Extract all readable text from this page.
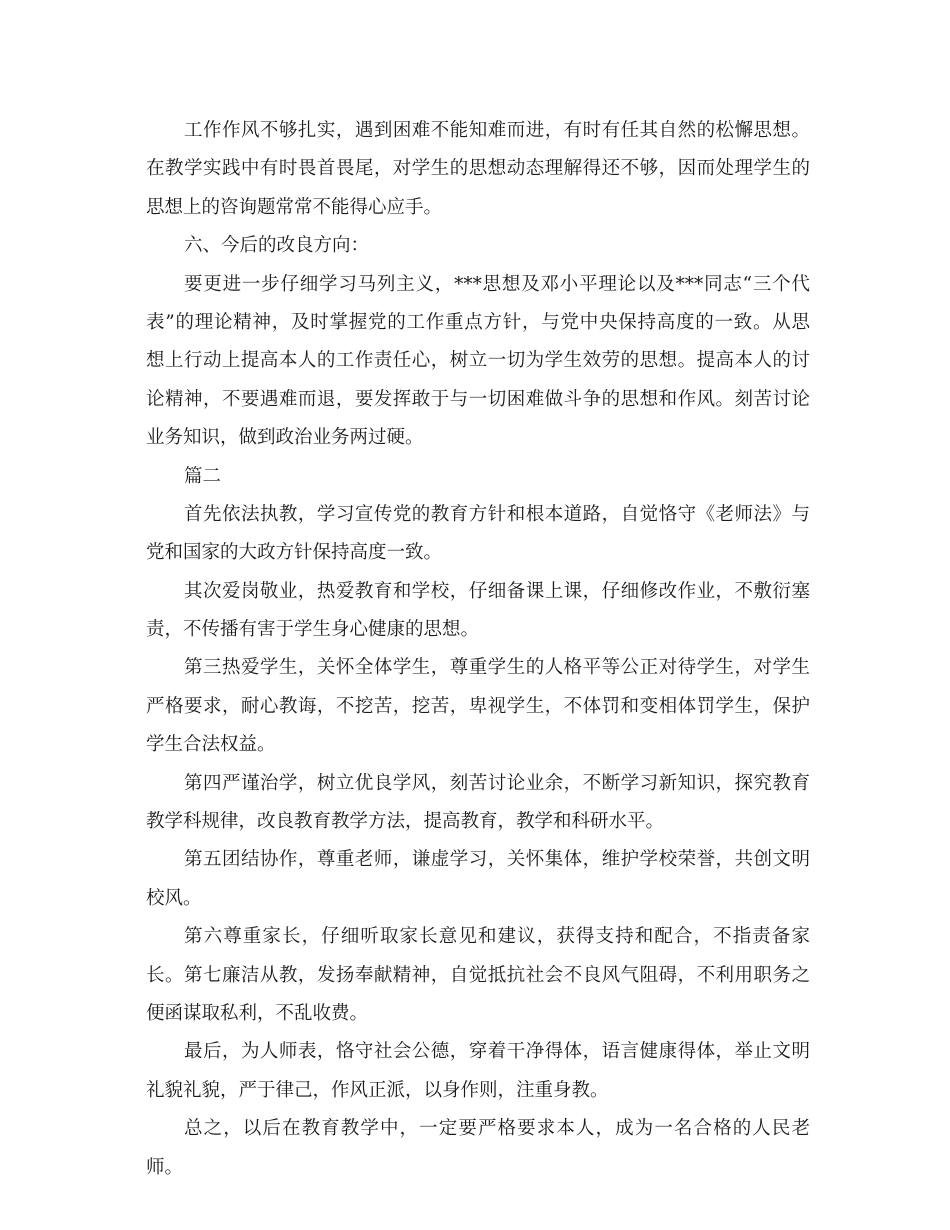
工作作风不够扎实，遇到困难不能知难而进，有时有任其自然的松懈思想。
在教学实践中有时畏首畏尾，对学生的思想动态理解得还不够，因而处理学生的
思想上的咨询题常常不能得心应手。
六、今后的改良方向：
要更进一步仔细学习马列主义，***思想及邓小平理论以及***同志“三个代
表”的理论精神，及时掌握党的工作重点方针，与党中央保持高度的一致。从思
想上行动上提高本人的工作责任心，树立一切为学生效劳的思想。提高本人的讨
论精神，不要遇难而退，要发挥敢于与一切困难做斗争的思想和作风。刻苦讨论
业务知识，做到政治业务两过硬。
篇二
首先依法执教，学习宣传党的教育方针和根本道路，自觉恪守《老师法》与
党和国家的大政方针保持高度一致。
其次爱岗敬业，热爱教育和学校，仔细备课上课，仔细修改作业，不敷衍塞
责，不传播有害于学生身心健康的思想。
第三热爱学生，关怀全体学生，尊重学生的人格平等公正对待学生，对学生
严格要求，耐心教诲，不挖苦，挖苦，卑视学生，不体罚和变相体罚学生，保护
学生合法权益。
第四严谨治学，树立优良学风，刻苦讨论业余，不断学习新知识，探究教育
教学科规律，改良教育教学方法，提高教育，教学和科研水平。
第五团结协作，尊重老师，谦虚学习，关怀集体，维护学校荣誉，共创文明
校风。
第六尊重家长，仔细听取家长意见和建议，获得支持和配合，不指责备家
长。第七廉洁从教，发扬奉献精神，自觉抵抗社会不良风气阻碍，不利用职务之
便函谋取私利，不乱收费。
最后，为人师表，恪守社会公德，穿着干净得体，语言健康得体，举止文明
礼貌礼貌，严于律己，作风正派，以身作则，注重身教。
总之，以后在教育教学中，一定要严格要求本人，成为一名合格的人民老
师。
